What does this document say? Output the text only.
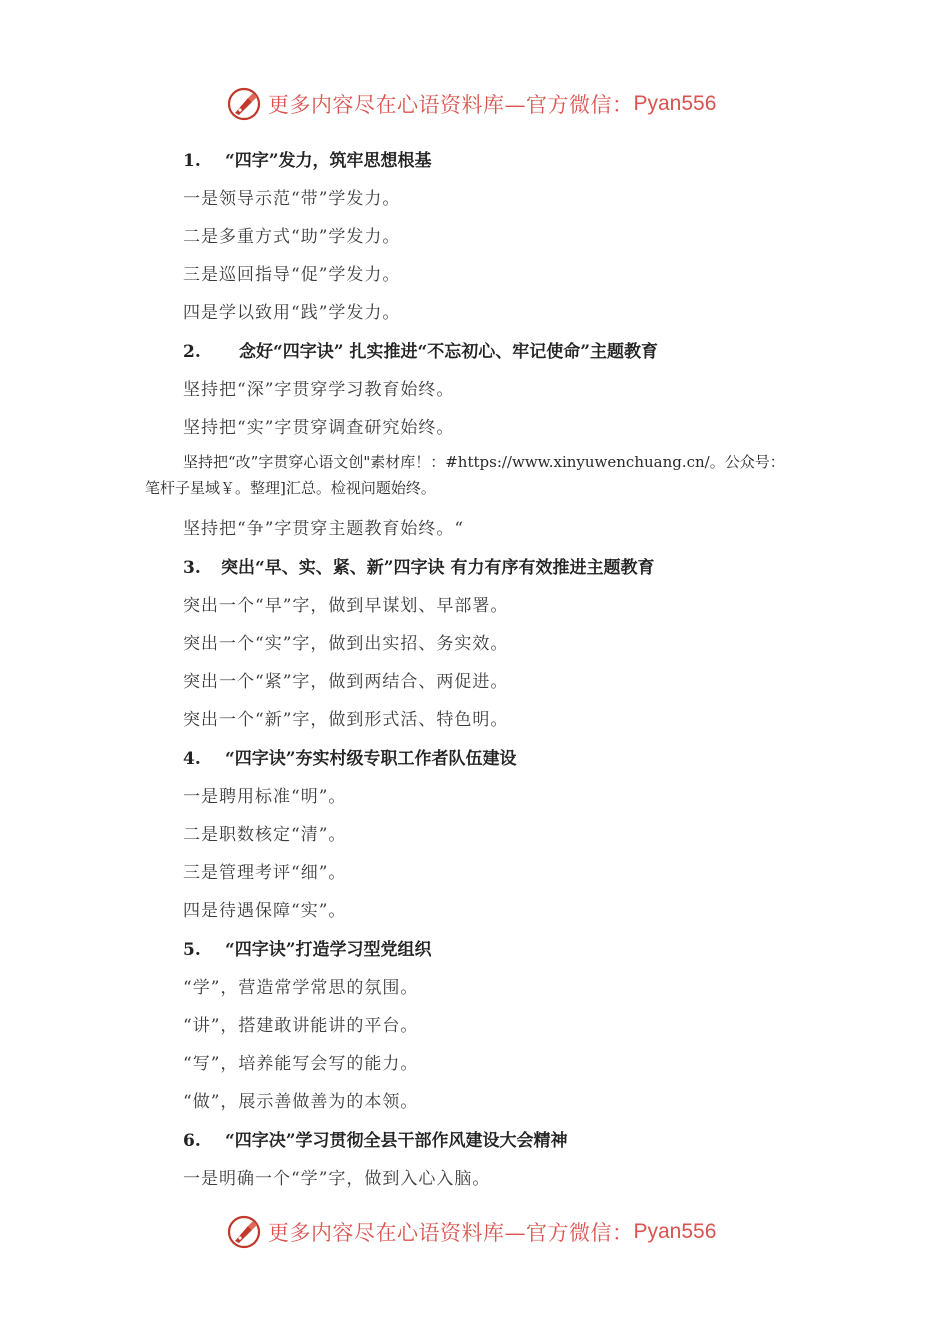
更多内容尽在心语资料库—官方微信： Pyan556
1. “四字”发力，筑牢思想根基
一是领导示范“带”学发力。
二是多重方式“助”学发力。
三是巡回指导“促”学发力。
四是学以致用“践”学发力。
2. 念好“四字诀” 扎实推进“不忘初心、牢记使命”主题教育
坚持把“深”字贯穿学习教育始终。
坚持把“实”字贯穿调查研究始终。
坚持把“改”字贯穿心语文创"素材库！：#https://www.xinyuwenchuang.cn/。公众号：
笔杆子星域￥。整理]汇总。检视问题始终。
坚持把“争”字贯穿主题教育始终。“
3. 突出“早、实、紧、新”四字诀 有力有序有效推进主题教育
突出一个“早”字，做到早谋划、早部署。
突出一个“实”字，做到出实招、务实效。
突出一个“紧”字，做到两结合、两促进。
突出一个“新”字，做到形式活、特色明。
4. “四字诀”夯实村级专职工作者队伍建设
一是聘用标准“明”。
二是职数核定“清”。
三是管理考评“细”。
四是待遇保障“实”。
5. “四字诀”打造学习型党组织
“学”，营造常学常思的氛围。
“讲”，搭建敢讲能讲的平台。
“写”，培养能写会写的能力。
“做”，展示善做善为的本领。
6. “四字决”学习贯彻全县干部作风建设大会精神
一是明确一个“学”字，做到入心入脑。
更多内容尽在心语资料库—官方微信： Pyan556
